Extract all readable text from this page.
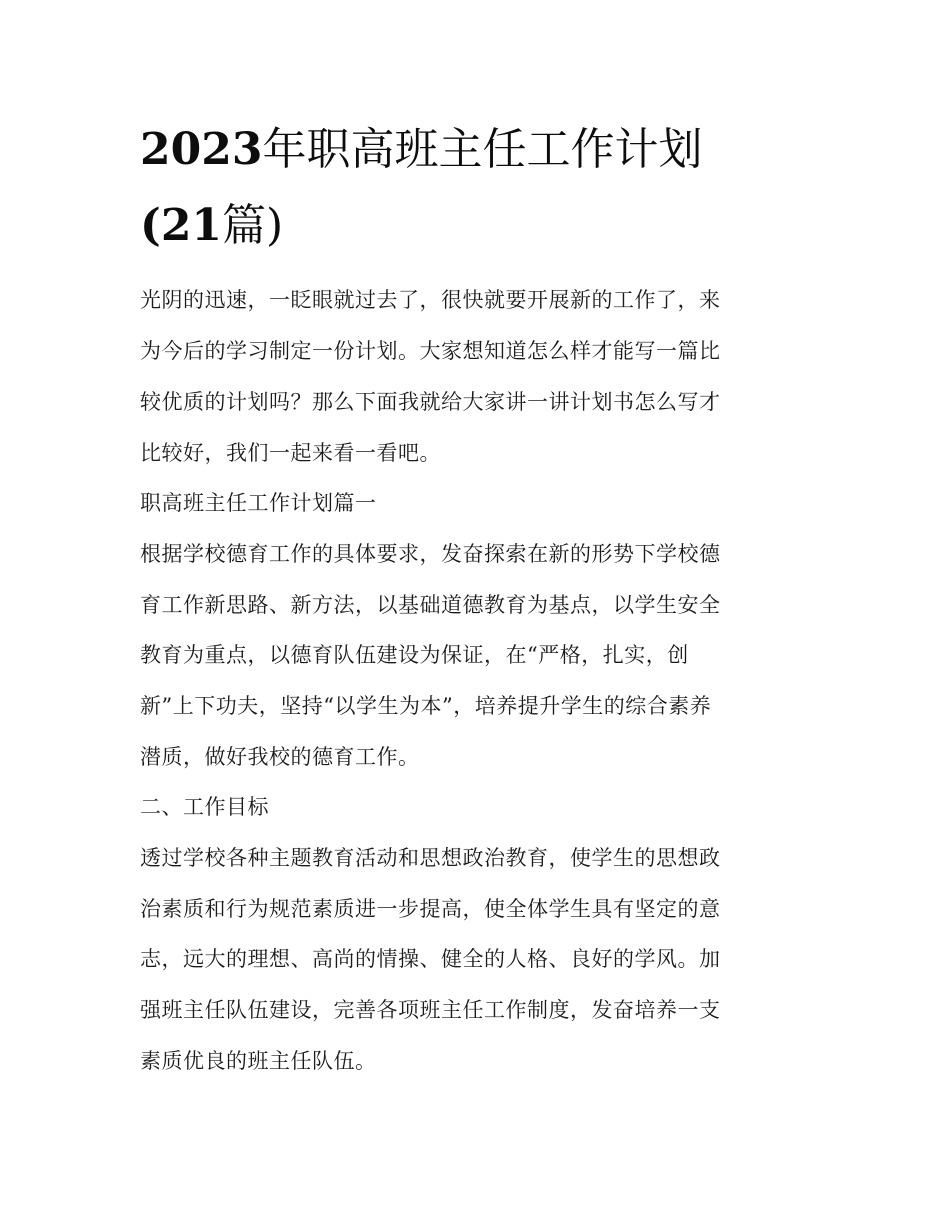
2023年职高班主任工作计划
(21篇)

光阴的迅速，一眨眼就过去了，很快就要开展新的工作了，来

为今后的学习制定一份计划。大家想知道怎么样才能写一篇比

较优质的计划吗？那么下面我就给大家讲一讲计划书怎么写才

比较好，我们一起来看一看吧。

职高班主任工作计划篇一

根据学校德育工作的具体要求，发奋探索在新的形势下学校德

育工作新思路、新方法，以基础道德教育为基点，以学生安全

教育为重点，以德育队伍建设为保证，在“严格，扎实，创

新”上下功夫，坚持“以学生为本”，培养提升学生的综合素养

潜质，做好我校的德育工作。

二、工作目标

透过学校各种主题教育活动和思想政治教育，使学生的思想政

治素质和行为规范素质进一步提高，使全体学生具有坚定的意

志，远大的理想、高尚的情操、健全的人格、良好的学风。加

强班主任队伍建设，完善各项班主任工作制度，发奋培养一支

素质优良的班主任队伍。
